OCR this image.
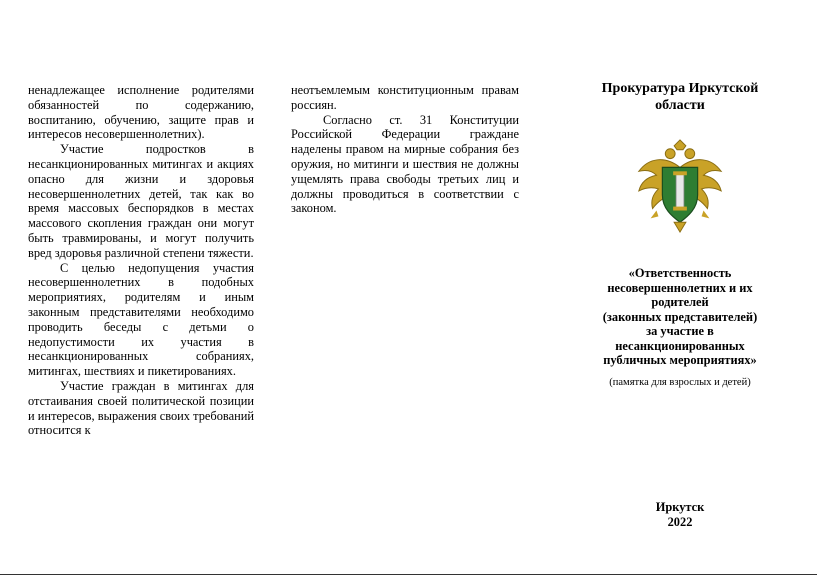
ненадлежащее исполнение родителями обязанностей по содержанию, воспитанию, обучению, защите прав и интересов несовершеннолетних).

Участие подростков в несанкционированных митингах и акциях опасно для жизни и здоровья несовершеннолетних детей, так как во время массовых беспорядков в местах массового скопления граждан они могут быть травмированы, и могут получить вред здоровья различной степени тяжести.

С целью недопущения участия несовершеннолетних в подобных мероприятиях, родителям и иным законным представителями необходимо проводить беседы с детьми о недопустимости их участия в несанкционированных собраниях, митингах, шествиях и пикетированиях.

Участие граждан в митингах для отстаивания своей политической позиции и интересов, выражения своих требований относится к

неотъемлемым конституционным правам россиян.

Согласно ст. 31 Конституции Российской Федерации граждане наделены правом на мирные собрания без оружия, но митинги и шествия не должны ущемлять права свободы третьих лиц и должны проводиться в соответствии с законом.

Прокуратура Иркутской области

«Ответственность
несовершеннолетних и их
родителей
(законных представителей)
за участие в
несанкционированных
публичных мероприятиях»
(памятка для взрослых и детей)
Иркутск
2022
